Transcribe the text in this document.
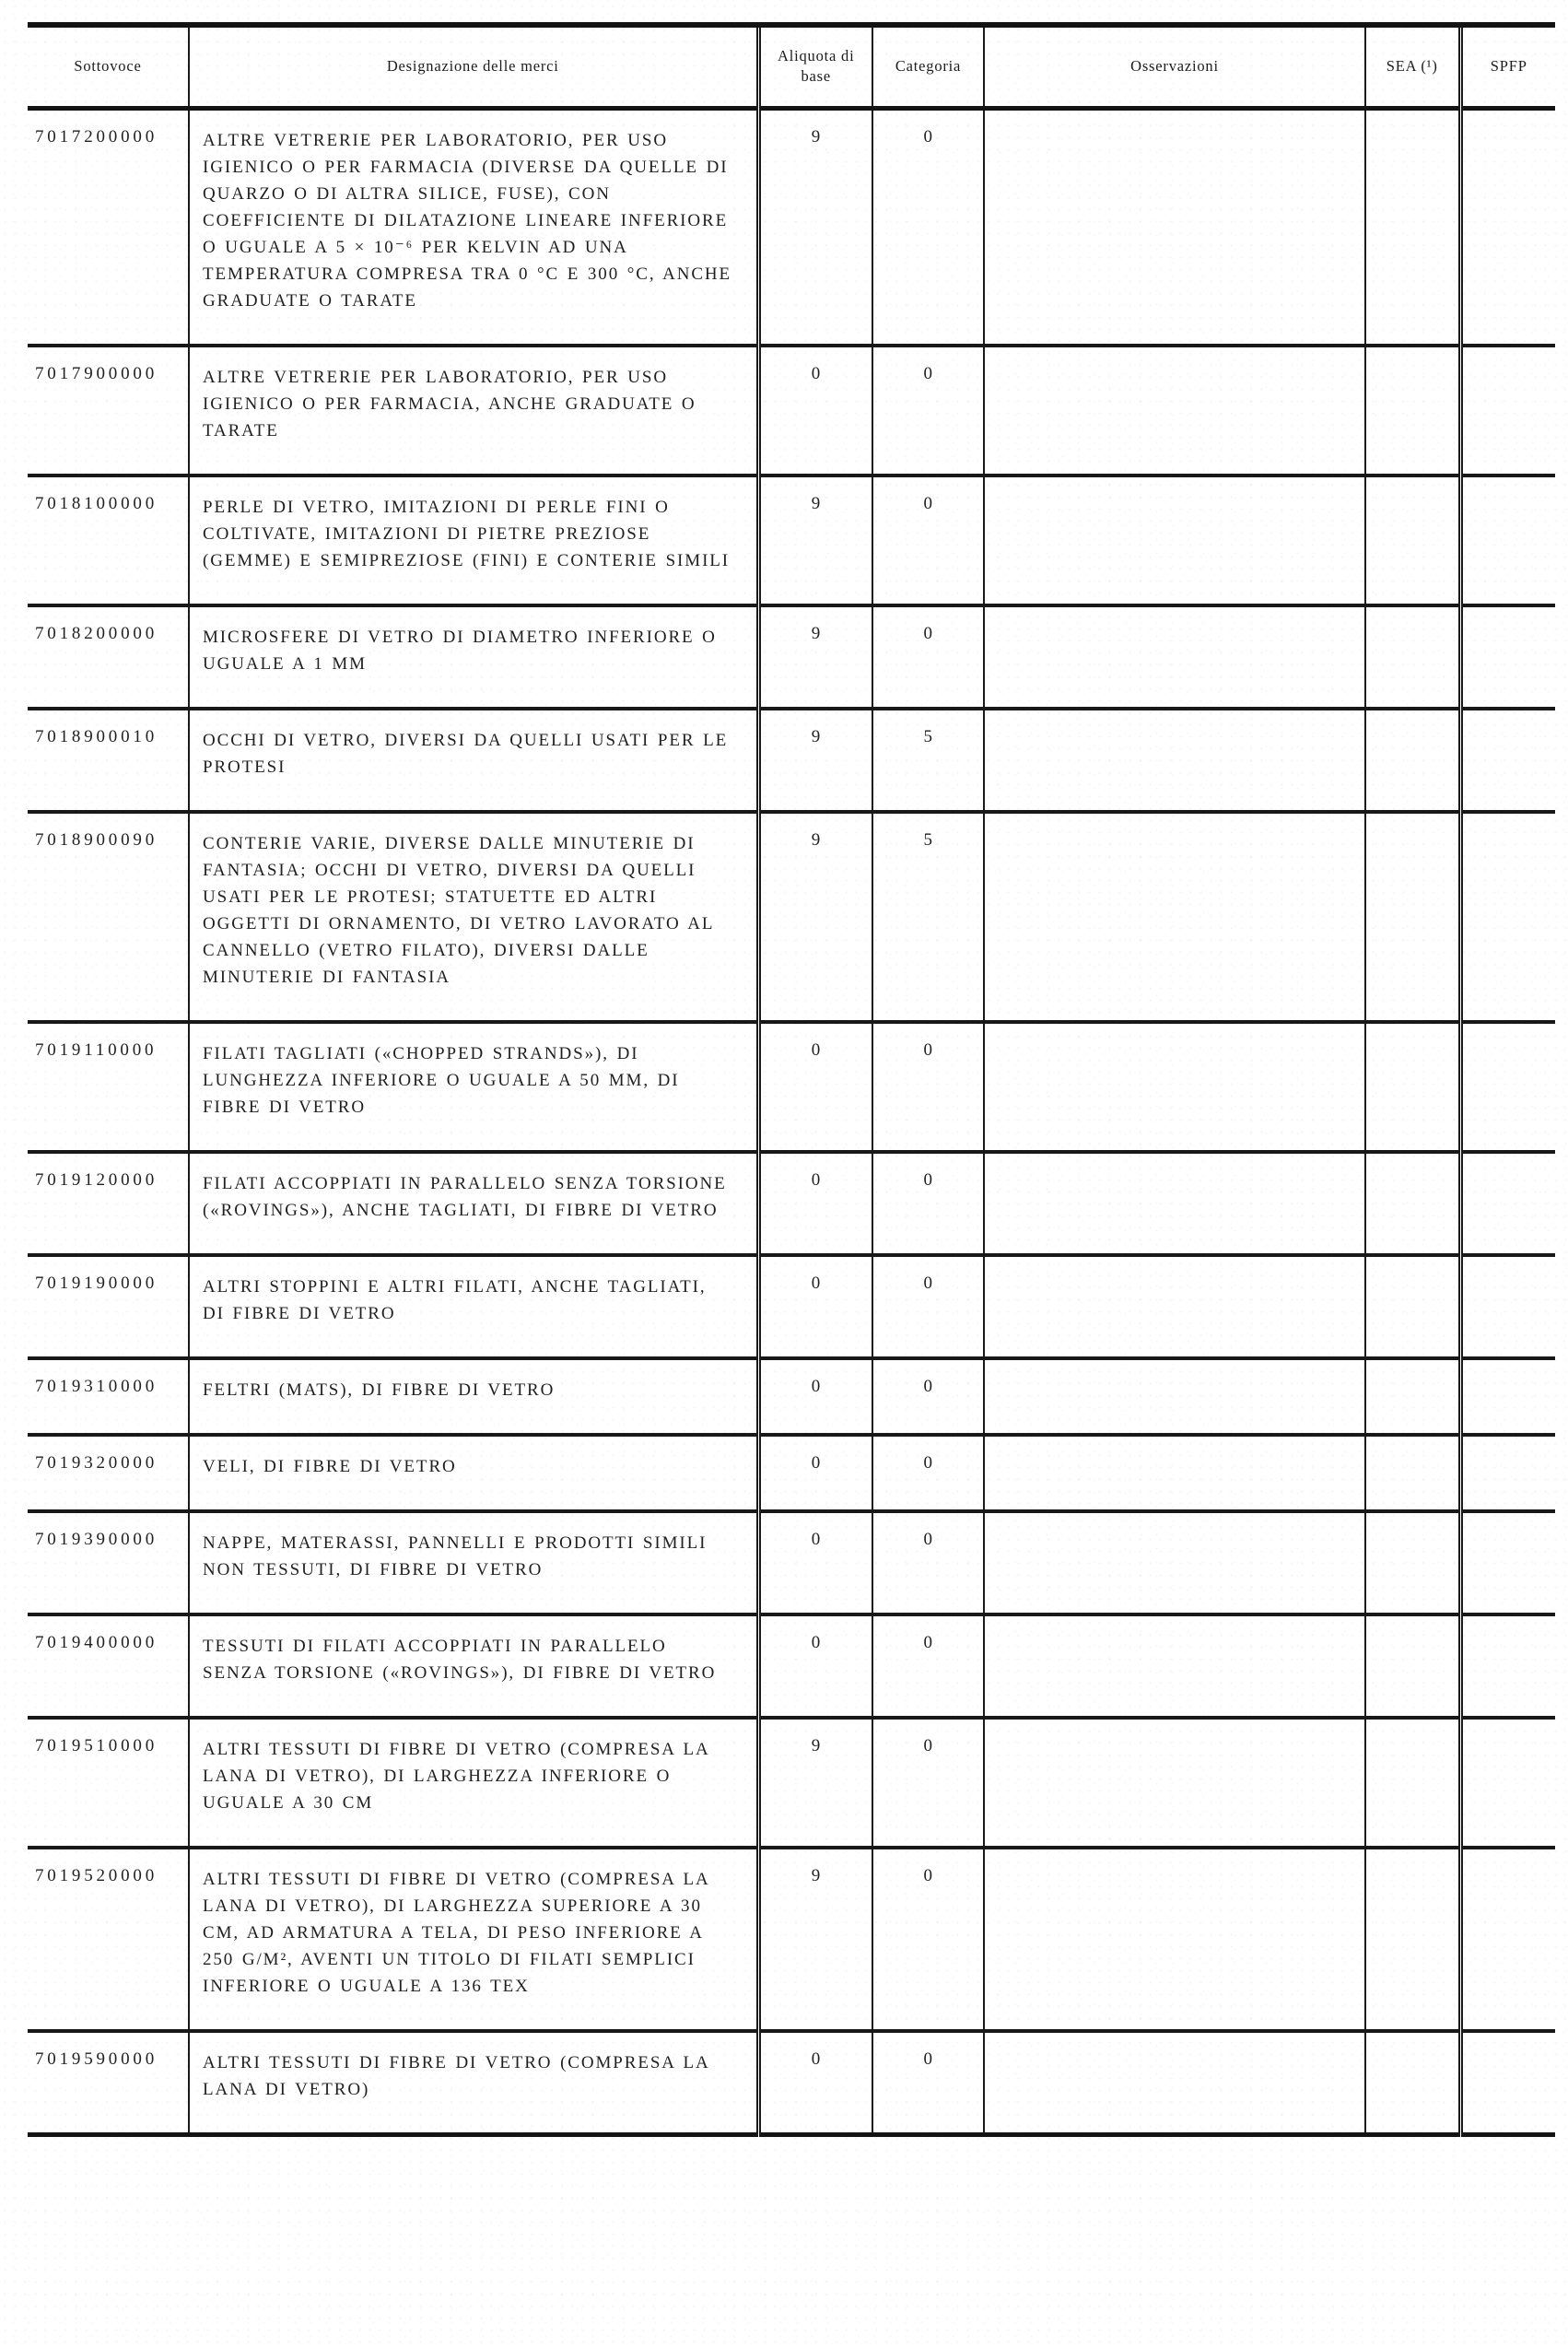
Sottovoce	Designazione delle merci	Aliquota di base	Categoria	Osservazioni	SEA (¹)	SPFP
7017200000	ALTRE VETRERIE PER LABORATORIO, PER USO IGIENICO O PER FARMACIA (DIVERSE DA QUELLE DI QUARZO O DI ALTRA SILICE, FUSE), CON COEFFICIENTE DI DILATAZIONE LINEARE INFERIORE O UGUALE A 5 × 10⁻⁶ PER KELVIN AD UNA TEMPERATURA COMPRESA TRA 0 °C E 300 °C, ANCHE GRADUATE O TARATE	9	0			
7017900000	ALTRE VETRERIE PER LABORATORIO, PER USO IGIENICO O PER FARMACIA, ANCHE GRADUATE O TARATE	0	0			
7018100000	PERLE DI VETRO, IMITAZIONI DI PERLE FINI O COLTIVATE, IMITAZIONI DI PIETRE PREZIOSE (GEMME) E SEMIPREZIOSE (FINI) E CONTERIE SIMILI	9	0			
7018200000	MICROSFERE DI VETRO DI DIAMETRO INFERIORE O UGUALE A 1 MM	9	0			
7018900010	OCCHI DI VETRO, DIVERSI DA QUELLI USATI PER LE PROTESI	9	5			
7018900090	CONTERIE VARIE, DIVERSE DALLE MINUTERIE DI FANTASIA; OCCHI DI VETRO, DIVERSI DA QUELLI USATI PER LE PROTESI; STATUETTE ED ALTRI OGGETTI DI ORNAMENTO, DI VETRO LAVORATO AL CANNELLO (VETRO FILATO), DIVERSI DALLE MINUTERIE DI FANTASIA	9	5			
7019110000	FILATI TAGLIATI («CHOPPED STRANDS»), DI LUNGHEZZA INFERIORE O UGUALE A 50 MM, DI FIBRE DI VETRO	0	0			
7019120000	FILATI ACCOPPIATI IN PARALLELO SENZA TORSIONE («ROVINGS»), ANCHE TAGLIATI, DI FIBRE DI VETRO	0	0			
7019190000	ALTRI STOPPINI E ALTRI FILATI, ANCHE TAGLIATI, DI FIBRE DI VETRO	0	0			
7019310000	FELTRI (MATS), DI FIBRE DI VETRO	0	0			
7019320000	VELI, DI FIBRE DI VETRO	0	0			
7019390000	NAPPE, MATERASSI, PANNELLI E PRODOTTI SIMILI NON TESSUTI, DI FIBRE DI VETRO	0	0			
7019400000	TESSUTI DI FILATI ACCOPPIATI IN PARALLELO SENZA TORSIONE («ROVINGS»), DI FIBRE DI VETRO	0	0			
7019510000	ALTRI TESSUTI DI FIBRE DI VETRO (COMPRESA LA LANA DI VETRO), DI LARGHEZZA INFERIORE O UGUALE A 30 CM	9	0			
7019520000	ALTRI TESSUTI DI FIBRE DI VETRO (COMPRESA LA LANA DI VETRO), DI LARGHEZZA SUPERIORE A 30 CM, AD ARMATURA A TELA, DI PESO INFERIORE A 250 G/M², AVENTI UN TITOLO DI FILATI SEMPLICI INFERIORE O UGUALE A 136 TEX	9	0			
7019590000	ALTRI TESSUTI DI FIBRE DI VETRO (COMPRESA LA LANA DI VETRO)	0	0			
